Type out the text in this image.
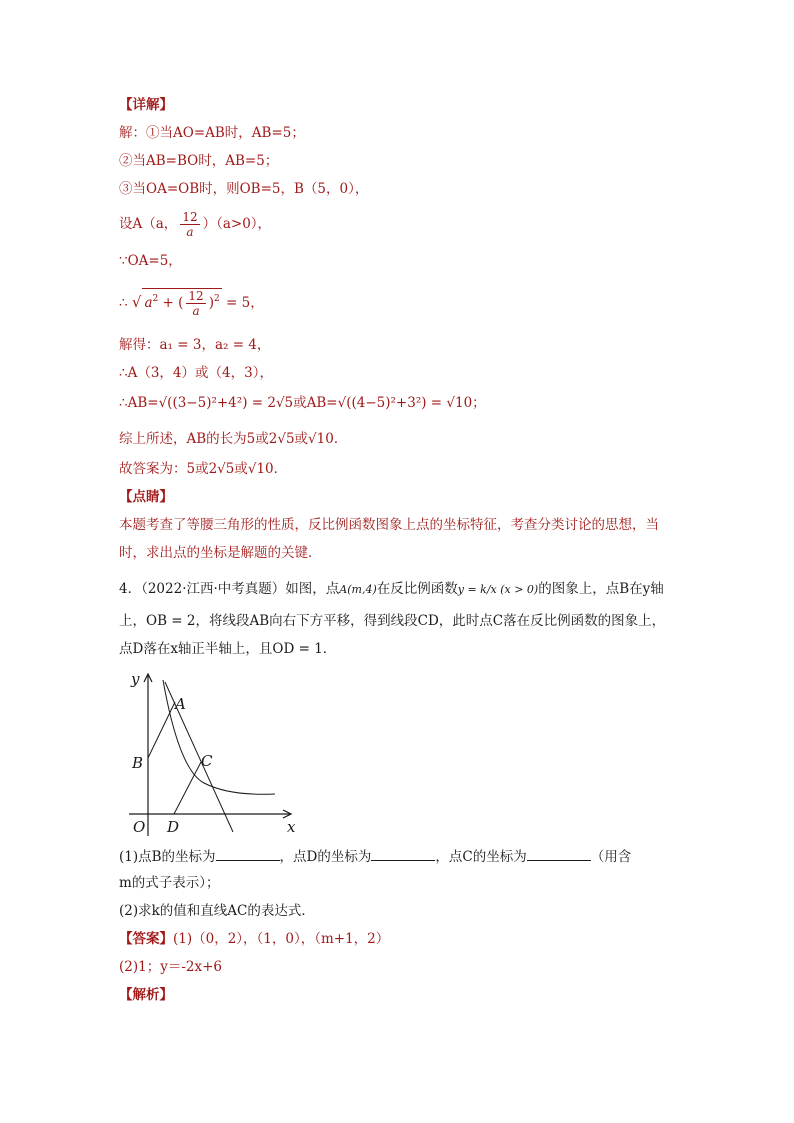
【详解】
解：①当AO=AB时，AB=5；
②当AB=BO时，AB=5；
③当OA=OB时，则OB=5，B（5，0），
设A（a， $\frac{12}{a} )(a>0)$，
∵OA=5，
∴ √ $a^2$ + ( $\frac{12}{a} )^2 = 5$，
解得：a₁ = 3，a₂ = 4，
∴A（3，4）或（4，3），
∴AB=√((3−5)²+4²) = 2√5或AB=√((4−5)²+3²) = √10；
综上所述，AB的长为5或2√5或√10．
故答案为：5或2√5或√10．
【点睛】
本题考查了等腰三角形的性质，反比例函数图象上点的坐标特征，考查分类讨论的思想，当
时，求出点的坐标是解题的关键．
4．（2022·江西·中考真题）如图，点A(m,4)在反比例函数y = k/x (x > 0)的图象上，点B在y轴
上，OB = 2，将线段AB向右下方平移，得到线段CD，此时点C落在反比例函数的图象上，
点D落在x轴正半轴上，且OD = 1．
(1)点B的坐标为	，点D的坐标为	，点C的坐标为	（用含
m的式子表示）；
(2)求k的值和直线AC的表达式．
【答案】(1)（0，2），（1，0），（m+1，2）
(2)1；y＝-2x+6
【解析】
y
x
O
A
B	C
D
